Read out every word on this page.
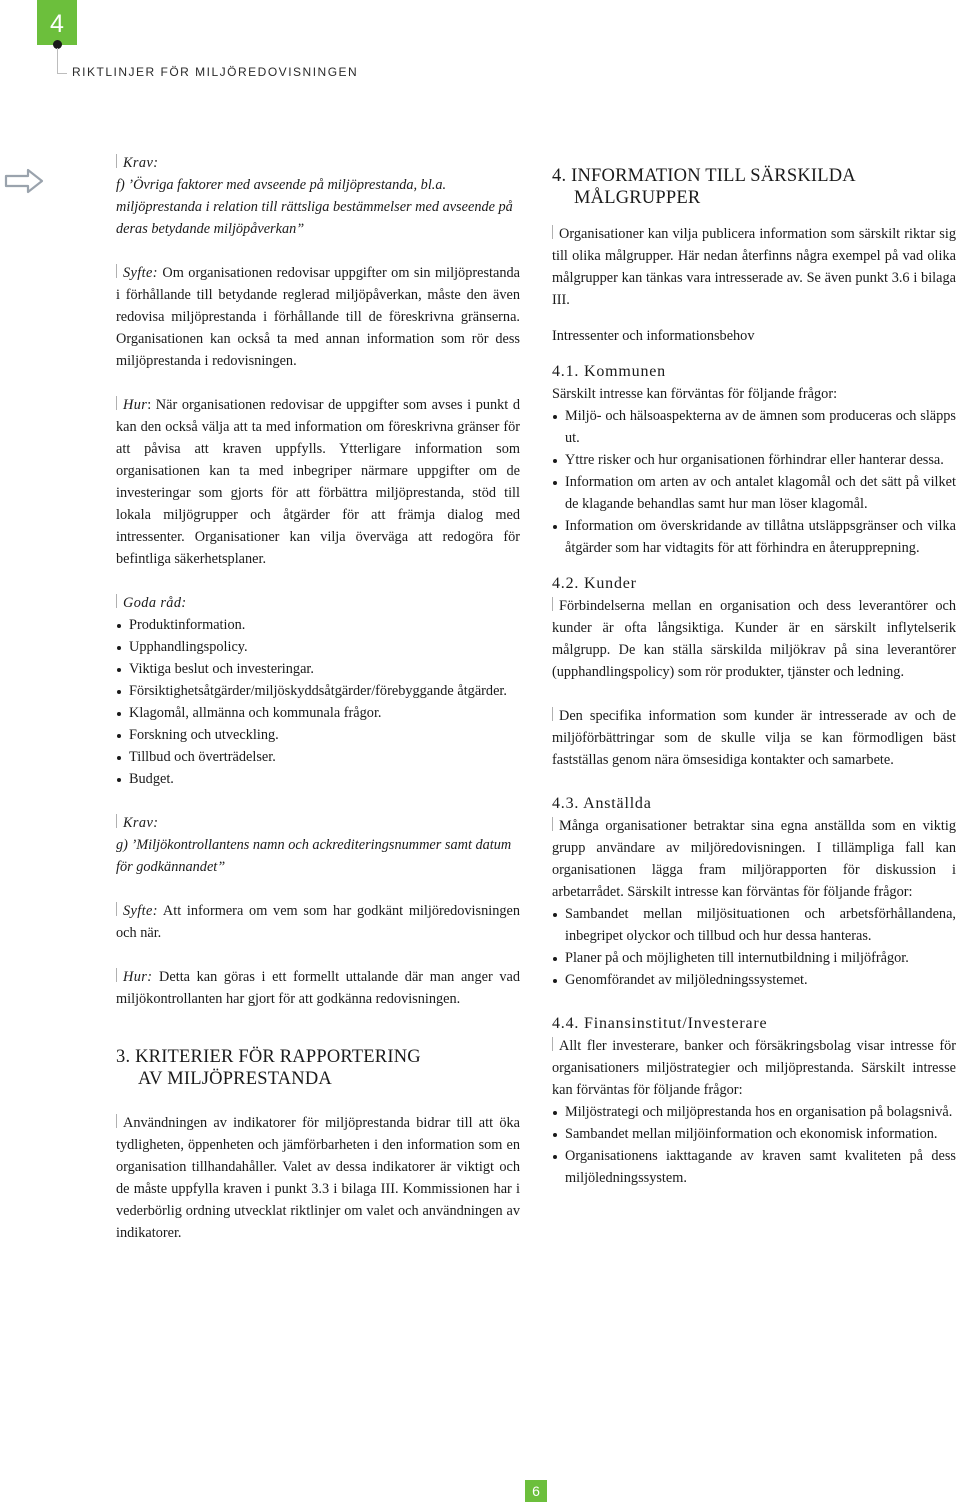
4
RIKTLINJER FÖR MILJÖREDOVISNINGEN

Krav:

f) ’Övriga faktorer med avseende på miljöprestanda, bl.a. miljöprestanda i relation till rättsliga bestämmelser med avseende på deras betydande miljöpåverkan”

Syfte: Om organisationen redovisar uppgifter om sin miljöprestanda i förhållande till betydande reglerad miljöpåverkan, måste den även redovisa miljöprestanda i förhållande till de föreskrivna gränserna. Organisationen kan också ta med annan information som rör dess miljöprestanda i redovisningen.

Hur: När organisationen redovisar de uppgifter som avses i punkt d kan den också välja att ta med information om föreskrivna gränser för att påvisa att kraven uppfylls. Ytterligare information som organisationen kan ta med inbegriper närmare uppgifter om de investeringar som gjorts för att förbättra miljöprestanda, stöd till lokala miljögrupper och åtgärder för att främja dialog med intressenter. Organisationer kan vilja överväga att redogöra för befintliga säkerhetsplaner.

Goda råd:

Produktinformation.
Upphandlingspolicy.
Viktiga beslut och investeringar.
Försiktighetsåtgärder/miljöskyddsåtgärder/förebyggande åtgärder.
Klagomål, allmänna och kommunala frågor.
Forskning och utveckling.
Tillbud och överträdelser.
Budget.

Krav:

g) ’Miljökontrollantens namn och ackrediteringsnummer samt datum för godkännandet”

Syfte: Att informera om vem som har godkänt miljöredovisningen och när.

Hur: Detta kan göras i ett formellt uttalande där man anger vad miljökontrollanten har gjort för att godkänna redovisningen.

3. KRITERIER FÖR RAPPORTERING
AV MILJÖPRESTANDA

Användningen av indikatorer för miljöprestanda bidrar till att öka tydligheten, öppenheten och jämförbarheten i den information som en organisation tillhandahåller. Valet av dessa indikatorer är viktigt och de måste uppfylla kraven i punkt 3.3 i bilaga III. Kommissionen har i vederbörlig ordning utvecklat riktlinjer om valet och användningen av indikatorer.

4. INFORMATION TILL SÄRSKILDA
MÅLGRUPPER

Organisationer kan vilja publicera information som särskilt riktar sig till olika målgrupper. Här nedan återfinns några exempel på vad olika målgrupper kan tänkas vara intresserade av. Se även punkt 3.6 i bilaga III.

Intressenter och informationsbehov

4.1. Kommunen

Särskilt intresse kan förväntas för följande frågor:

Miljö- och hälsoaspekterna av de ämnen som produceras och släpps ut.
Yttre risker och hur organisationen förhindrar eller hanterar dessa.
Information om arten av och antalet klagomål och det sätt på vilket de klagande behandlas samt hur man löser klagomål.
Information om överskridande av tillåtna utsläppsgränser och vilka åtgärder som har vidtagits för att förhindra en återupprepning.

4.2. Kunder

Förbindelserna mellan en organisation och dess leverantörer och kunder är ofta långsiktiga. Kunder är en särskilt inflytelserik målgrupp. De kan ställa särskilda miljökrav på sina leverantörer (upphandlingspolicy) som rör produkter, tjänster och ledning.

Den specifika information som kunder är intresserade av och de miljöförbättringar som de skulle vilja se kan förmodligen bäst fastställas genom nära ömsesidiga kontakter och samarbete.

4.3. Anställda

Många organisationer betraktar sina egna anställda som en viktig grupp användare av miljöredovisningen. I tillämpliga fall kan organisationen lägga fram miljörapporten för diskussion i arbetarrådet. Särskilt intresse kan förväntas för följande frågor:

Sambandet mellan miljösituationen och arbetsförhållandena, inbegripet olyckor och tillbud och hur dessa hanteras.
Planer på och möjligheten till internutbildning i miljöfrågor.
Genomförandet av miljöledningssystemet.

4.4. Finansinstitut/Investerare

Allt fler investerare, banker och försäkringsbolag visar intresse för organisationers miljöstrategier och miljöprestanda. Särskilt intresse kan förväntas för följande frågor:

Miljöstrategi och miljöprestanda hos en organisation på bolagsnivå.
Sambandet mellan miljöinformation och ekonomisk information.
Organisationens iakttagande av kraven samt kvaliteten på dess miljöledningssystem.
6
